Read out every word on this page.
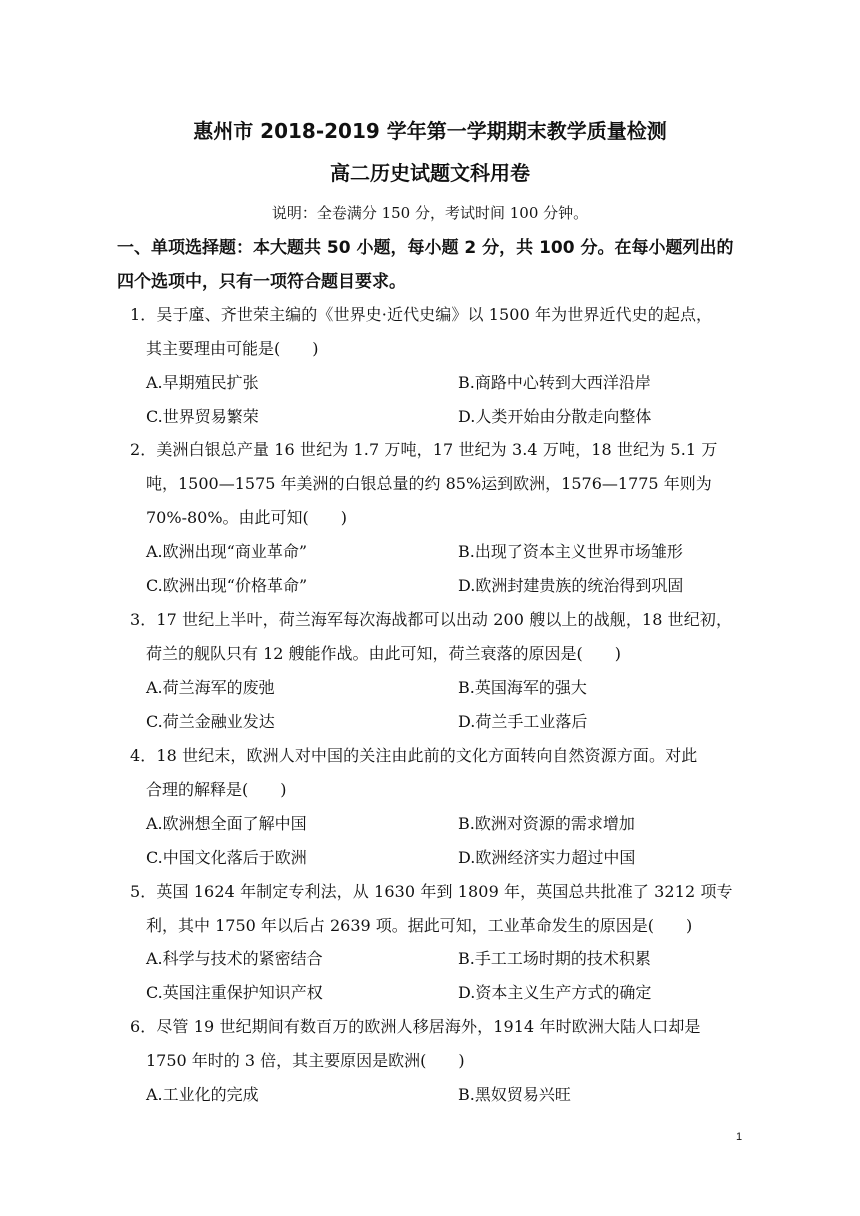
惠州市 2018-2019 学年第一学期期末教学质量检测
高二历史试题文科用卷
说明：全卷满分 150 分，考试时间 100 分钟。
一、单项选择题：本大题共 50 小题，每小题 2 分，共 100 分。在每小题列出的
四个选项中，只有一项符合题目要求。
1．吴于廑、齐世荣主编的《世界史·近代史编》以 1500 年为世界近代史的起点，
其主要理由可能是(　　)
A.早期殖民扩张	B.商路中心转到大西洋沿岸
C.世界贸易繁荣	D.人类开始由分散走向整体
2．美洲白银总产量 16 世纪为 1.7 万吨，17 世纪为 3.4 万吨，18 世纪为 5.1 万
吨，1500—1575 年美洲的白银总量的约 85%运到欧洲，1576—1775 年则为
70%-80%。由此可知(　　)
A.欧洲出现“商业革命”	B.出现了资本主义世界市场雏形
C.欧洲出现“价格革命”	D.欧洲封建贵族的统治得到巩固
3．17 世纪上半叶，荷兰海军每次海战都可以出动 200 艘以上的战舰，18 世纪初，
荷兰的舰队只有 12 艘能作战。由此可知，荷兰衰落的原因是(　　)
A.荷兰海军的废弛	B.英国海军的强大
C.荷兰金融业发达	D.荷兰手工业落后
4．18 世纪末，欧洲人对中国的关注由此前的文化方面转向自然资源方面。对此
合理的解释是(　　)
A.欧洲想全面了解中国	B.欧洲对资源的需求增加
C.中国文化落后于欧洲	D.欧洲经济实力超过中国
5．英国 1624 年制定专利法，从 1630 年到 1809 年，英国总共批准了 3212 项专
利，其中 1750 年以后占 2639 项。据此可知，工业革命发生的原因是(　　)
A.科学与技术的紧密结合	B.手工工场时期的技术积累
C.英国注重保护知识产权	D.资本主义生产方式的确定
6．尽管 19 世纪期间有数百万的欧洲人移居海外，1914 年时欧洲大陆人口却是
1750 年时的 3 倍，其主要原因是欧洲(　　)
A.工业化的完成	B.黑奴贸易兴旺
1
